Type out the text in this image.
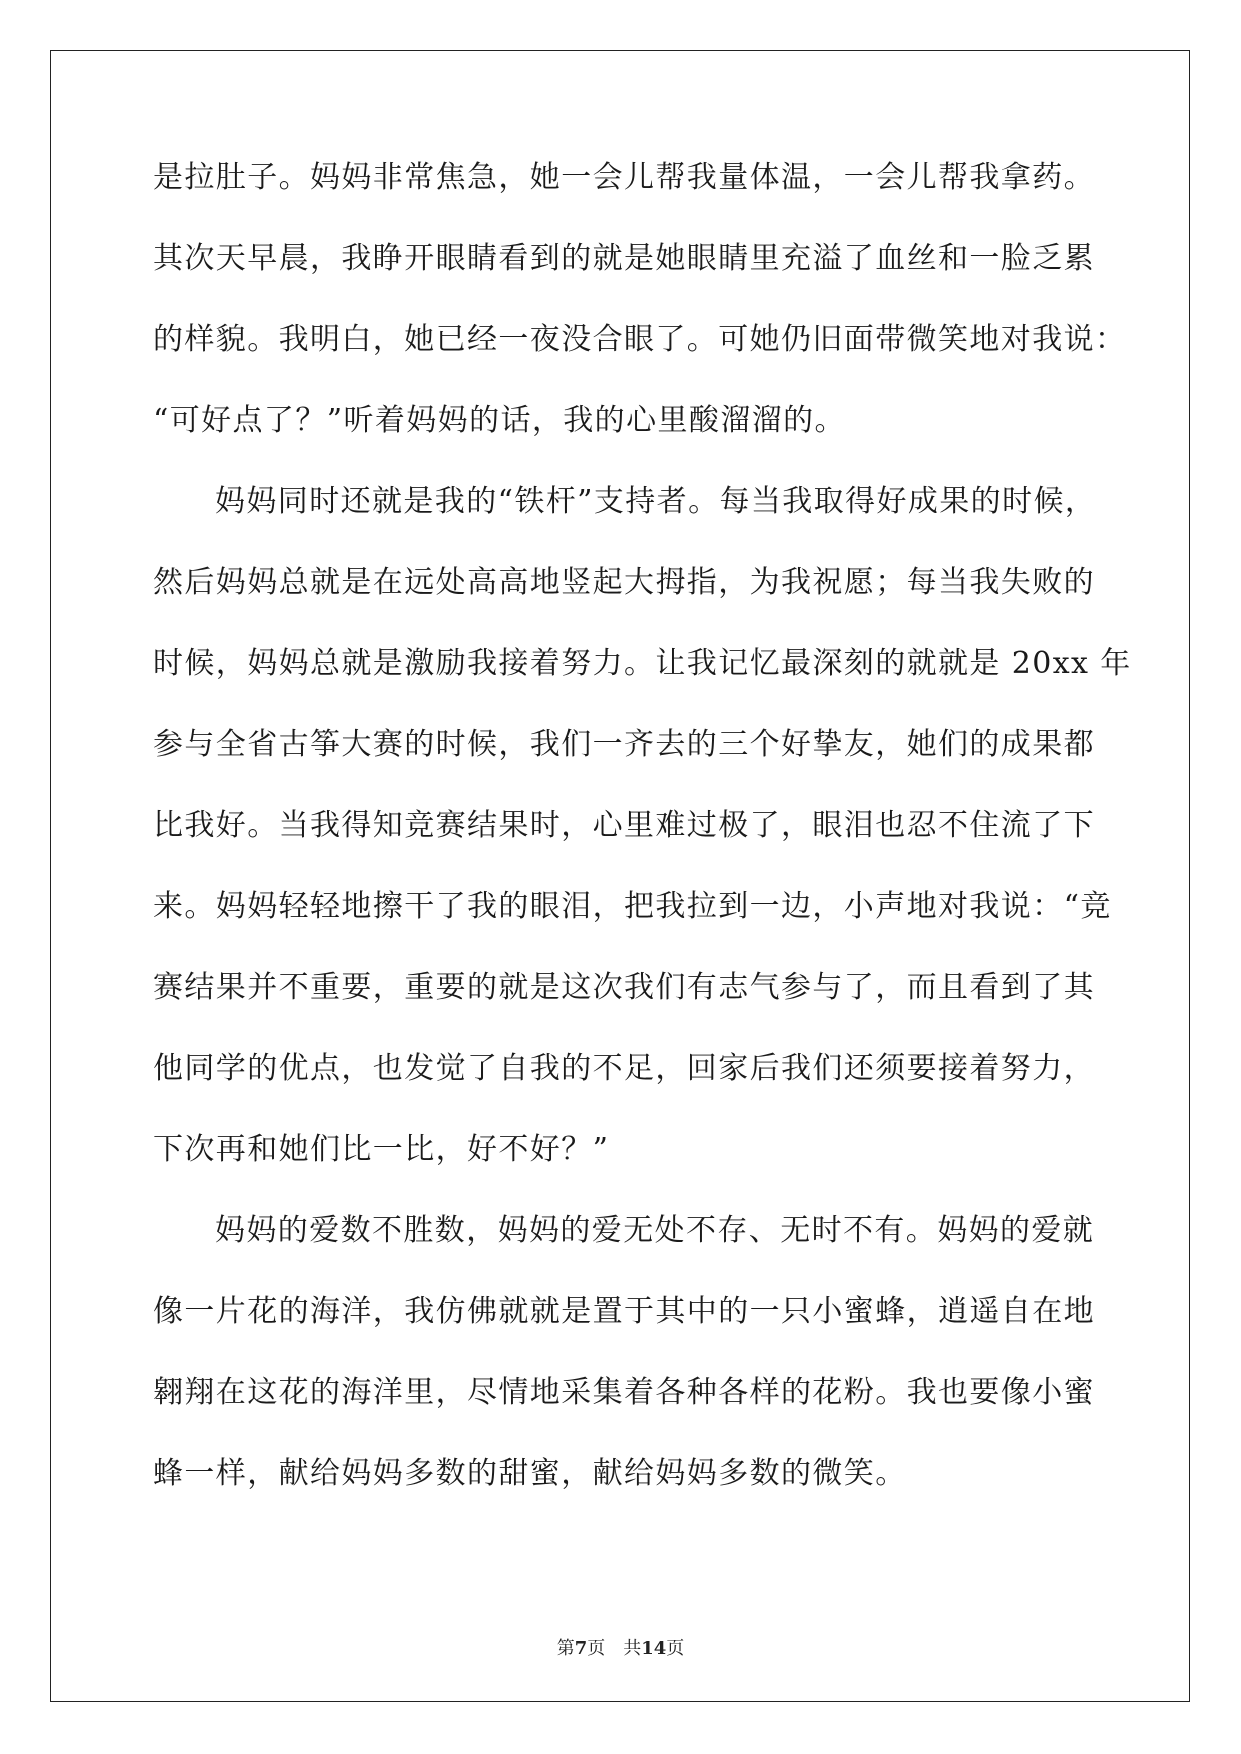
是拉肚子。妈妈非常焦急，她一会儿帮我量体温，一会儿帮我拿药。
其次天早晨，我睁开眼睛看到的就是她眼睛里充溢了血丝和一脸乏累
的样貌。我明白，她已经一夜没合眼了。可她仍旧面带微笑地对我说：
“可好点了？”听着妈妈的话，我的心里酸溜溜的。
妈妈同时还就是我的“铁杆”支持者。每当我取得好成果的时候，
然后妈妈总就是在远处高高地竖起大拇指，为我祝愿；每当我失败的
时候，妈妈总就是激励我接着努力。让我记忆最深刻的就就是 20xx 年
参与全省古筝大赛的时候，我们一齐去的三个好挚友，她们的成果都
比我好。当我得知竞赛结果时，心里难过极了，眼泪也忍不住流了下
来。妈妈轻轻地擦干了我的眼泪，把我拉到一边，小声地对我说：“竞
赛结果并不重要，重要的就是这次我们有志气参与了，而且看到了其
他同学的优点，也发觉了自我的不足，回家后我们还须要接着努力，
下次再和她们比一比，好不好？”
妈妈的爱数不胜数，妈妈的爱无处不存、无时不有。妈妈的爱就
像一片花的海洋，我仿佛就就是置于其中的一只小蜜蜂，逍遥自在地
翱翔在这花的海洋里，尽情地采集着各种各样的花粉。我也要像小蜜
蜂一样，献给妈妈多数的甜蜜，献给妈妈多数的微笑。
第7页 共14页
